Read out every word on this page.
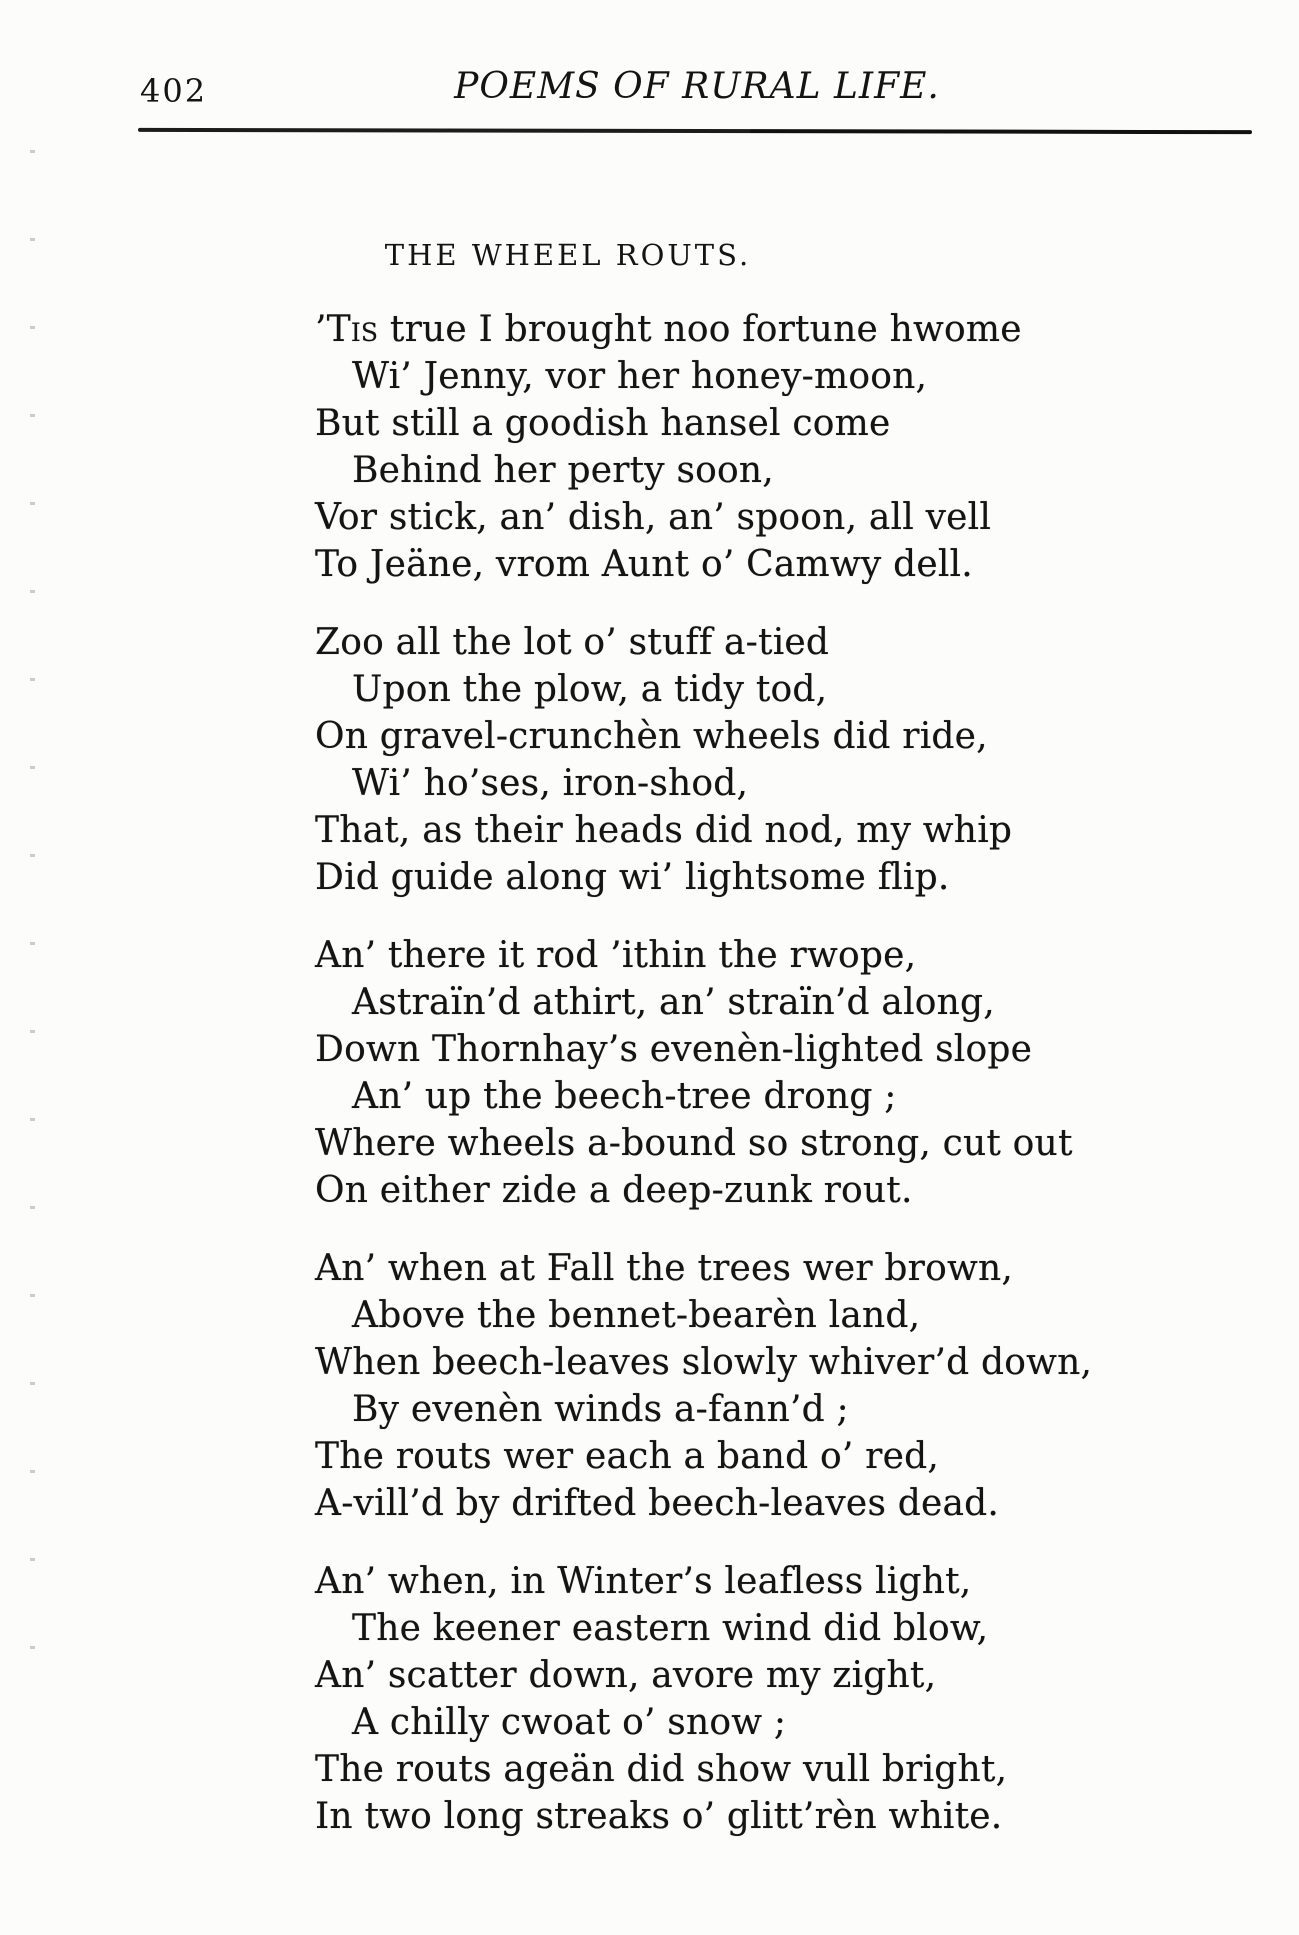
402	POEMS OF RURAL LIFE.
THE WHEEL ROUTS.
’Tis true I brought noo fortune hwome
Wi’ Jenny, vor her honey-moon,
But still a goodish hansel come
Behind her perty soon,
Vor stick, an’ dish, an’ spoon, all vell
To Jeäne, vrom Aunt o’ Camwy dell.
Zoo all the lot o’ stuff a-tied
Upon the plow, a tidy tod,
On gravel-crunchèn wheels did ride,
Wi’ ho’ses, iron-shod,
That, as their heads did nod, my whip
Did guide along wi’ lightsome flip.
An’ there it rod ’ithin the rwope,
Astraïn’d athirt, an’ straïn’d along,
Down Thornhay’s evenèn-lighted slope
An’ up the beech-tree drong ;
Where wheels a-bound so strong, cut out
On either zide a deep-zunk rout.
An’ when at Fall the trees wer brown,
Above the bennet-bearèn land,
When beech-leaves slowly whiver’d down,
By evenèn winds a-fann’d ;
The routs wer each a band o’ red,
A-vill’d by drifted beech-leaves dead.
An’ when, in Winter’s leafless light,
The keener eastern wind did blow,
An’ scatter down, avore my zight,
A chilly cwoat o’ snow ;
The routs ageän did show vull bright,
In two long streaks o’ glitt’rèn white.
